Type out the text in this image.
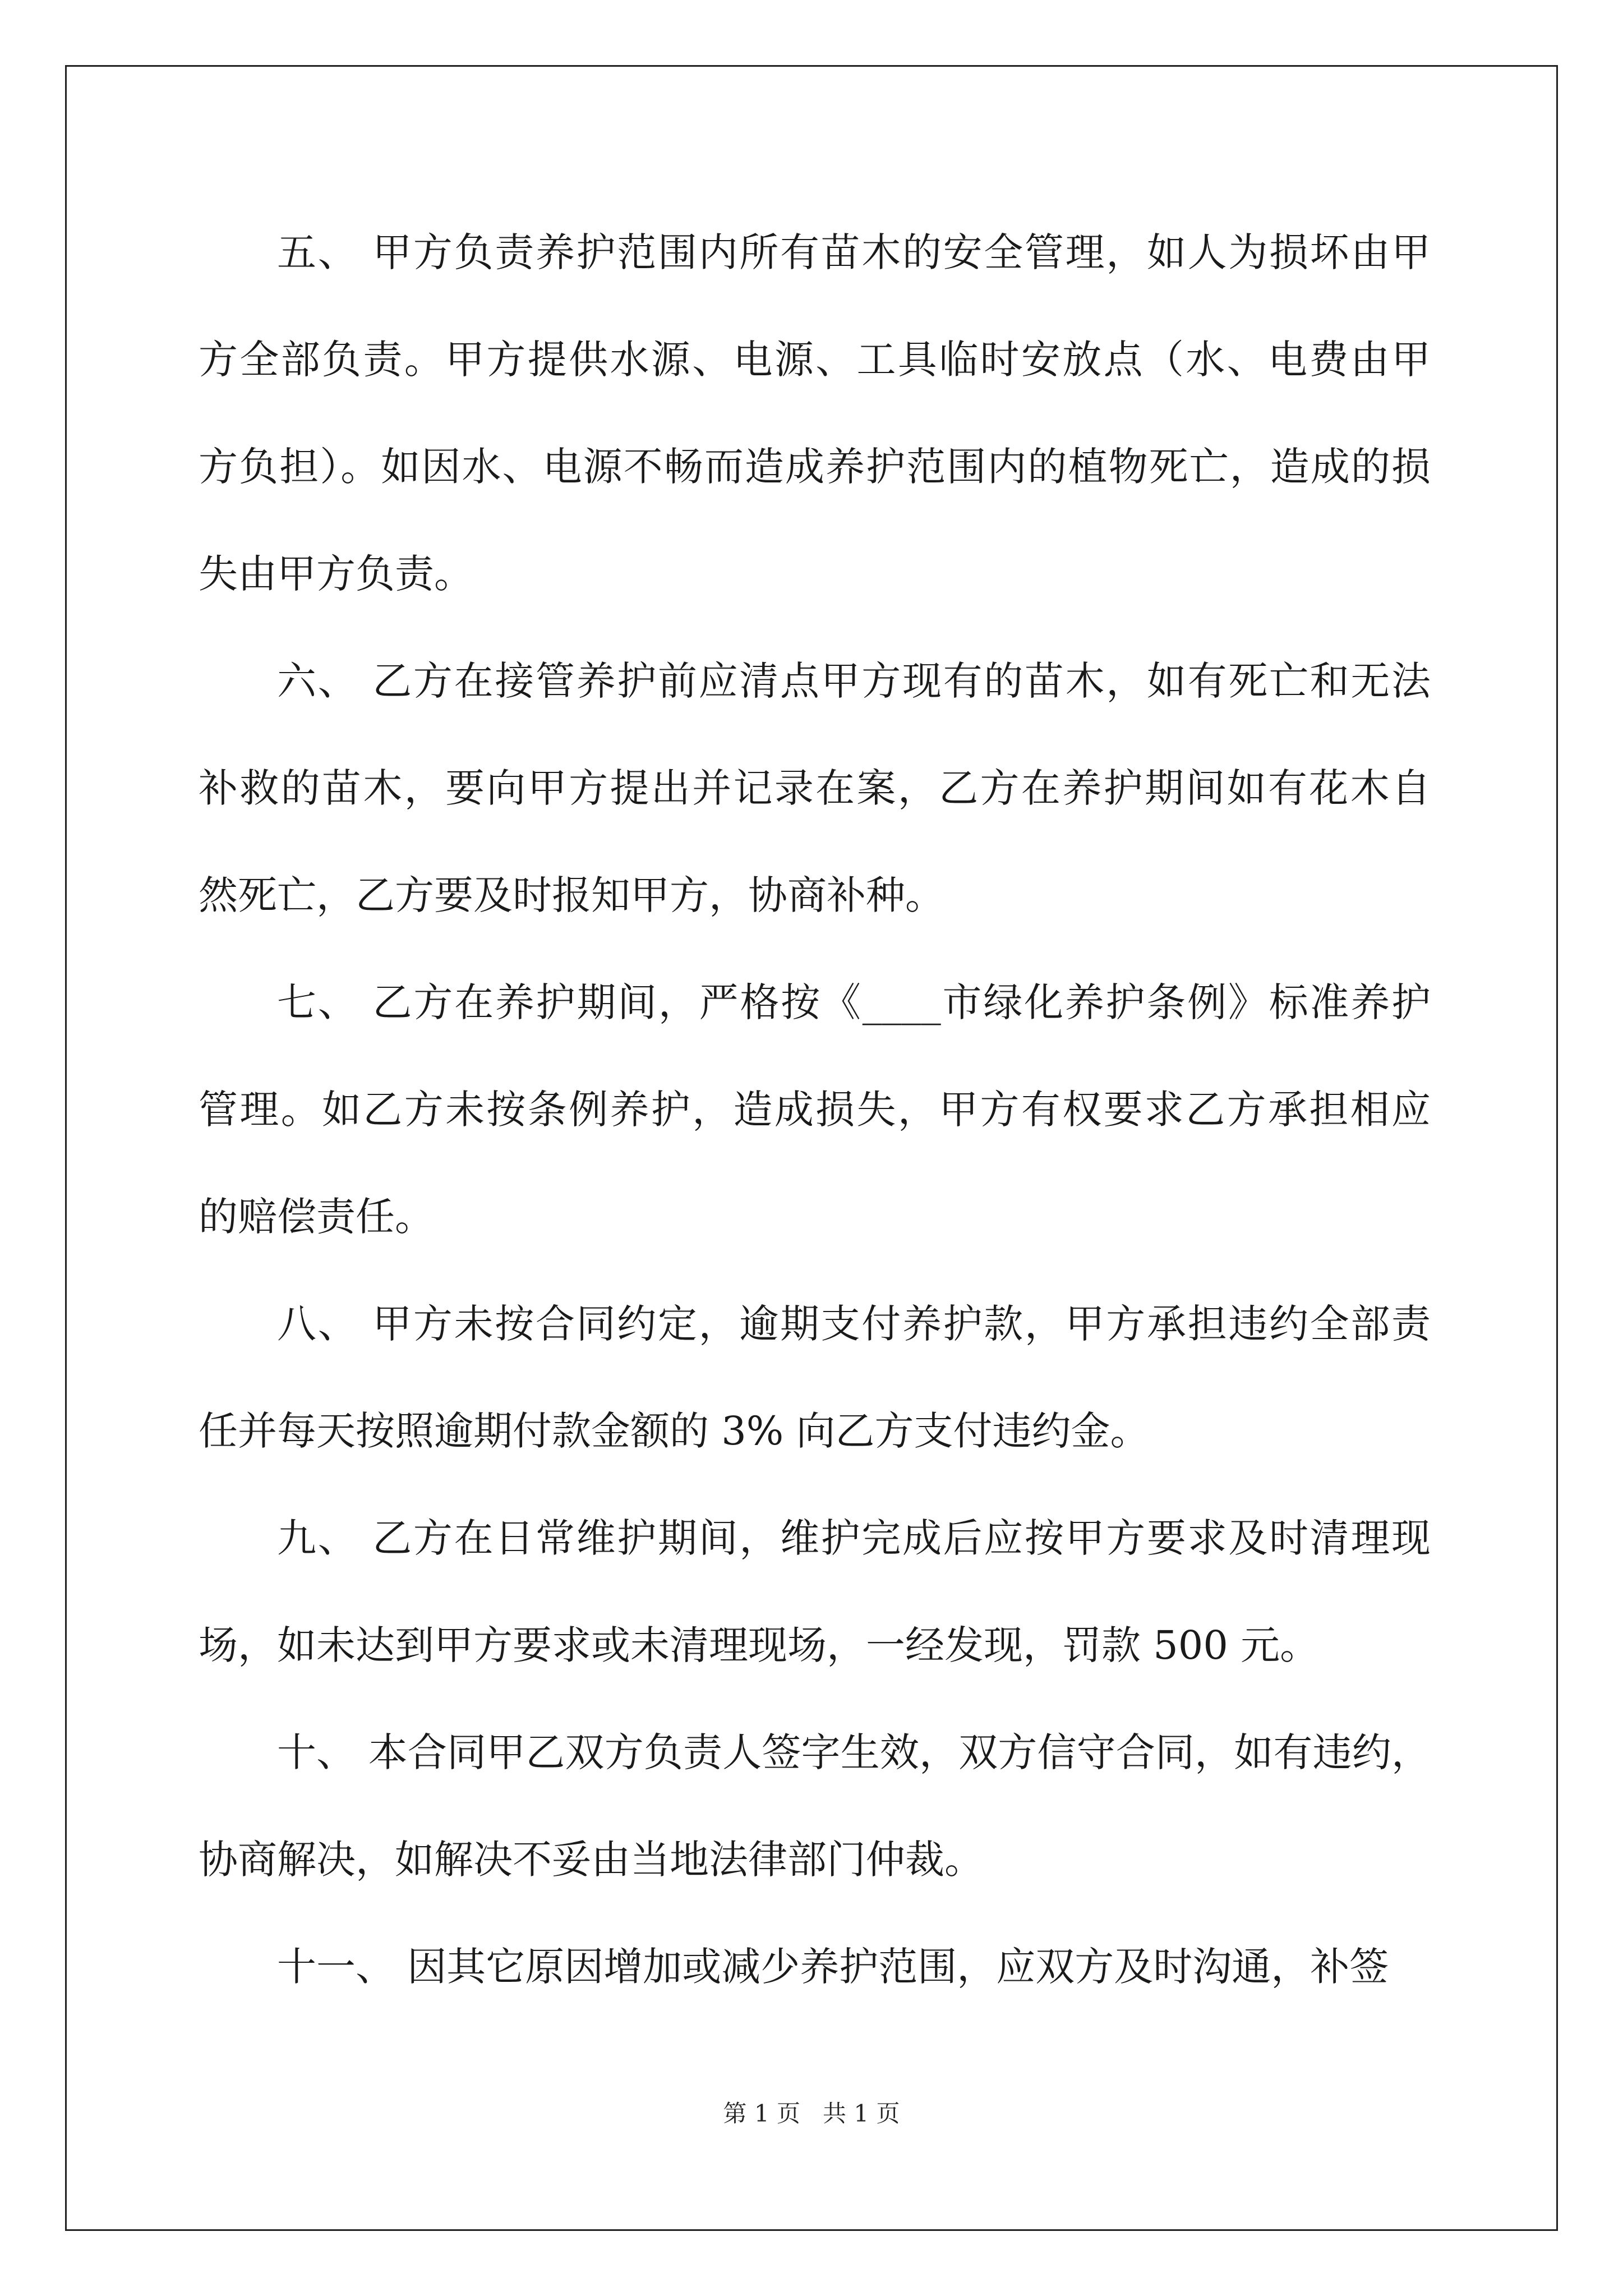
五、 甲方负责养护范围内所有苗木的安全管理，如人为损坏由甲
方全部负责。甲方提供水源、电源、工具临时安放点（水、电费由甲
方负担）。如因水、电源不畅而造成养护范围内的植物死亡，造成的损
失由甲方负责。
六、 乙方在接管养护前应清点甲方现有的苗木，如有死亡和无法
补救的苗木，要向甲方提出并记录在案，乙方在养护期间如有花木自
然死亡，乙方要及时报知甲方，协商补种。
七、 乙方在养护期间，严格按《____市绿化养护条例》标准养护
管理。如乙方未按条例养护，造成损失，甲方有权要求乙方承担相应
的赔偿责任。
八、 甲方未按合同约定，逾期支付养护款，甲方承担违约全部责
任并每天按照逾期付款金额的 3% 向乙方支付违约金。
九、 乙方在日常维护期间，维护完成后应按甲方要求及时清理现
场，如未达到甲方要求或未清理现场，一经发现，罚款 500 元。
十、 本合同甲乙双方负责人签字生效，双方信守合同，如有违约，
协商解决，如解决不妥由当地法律部门仲裁。
十一、 因其它原因增加或减少养护范围，应双方及时沟通，补签
第 1 页 共 1 页
